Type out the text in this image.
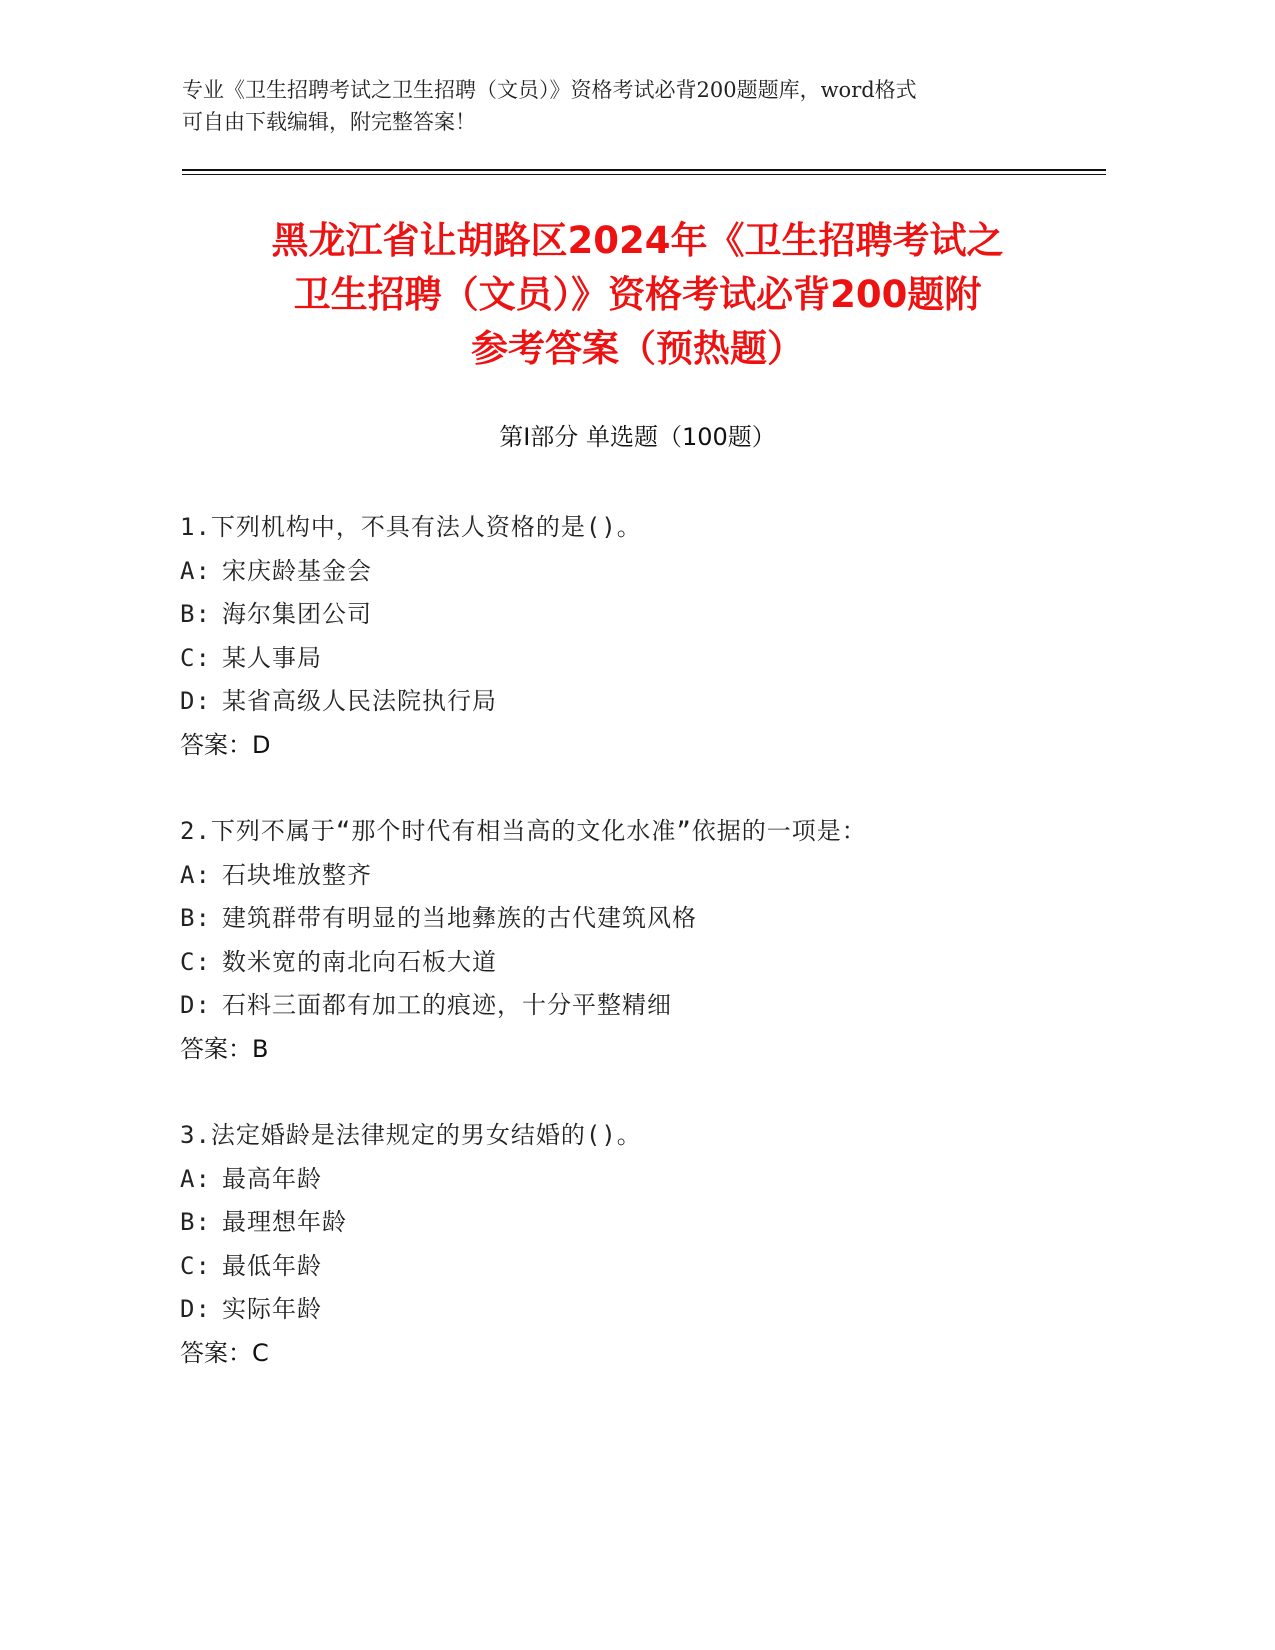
专业《卫生招聘考试之卫生招聘（文员）》资格考试必背200题题库，word格式
可自由下载编辑，附完整答案！
黑龙江省让胡路区2024年《卫生招聘考试之
卫生招聘（文员）》资格考试必背200题附
参考答案（预热题）
第Ⅰ部分 单选题（100题）
1.下列机构中，不具有法人资格的是()。
A: 宋庆龄基金会
B: 海尔集团公司
C: 某人事局
D: 某省高级人民法院执行局
答案：D
2.下列不属于“那个时代有相当高的文化水准”依据的一项是：
A: 石块堆放整齐
B: 建筑群带有明显的当地彝族的古代建筑风格
C: 数米宽的南北向石板大道
D: 石料三面都有加工的痕迹，十分平整精细
答案：B
3.法定婚龄是法律规定的男女结婚的()。
A: 最高年龄
B: 最理想年龄
C: 最低年龄
D: 实际年龄
答案：C
